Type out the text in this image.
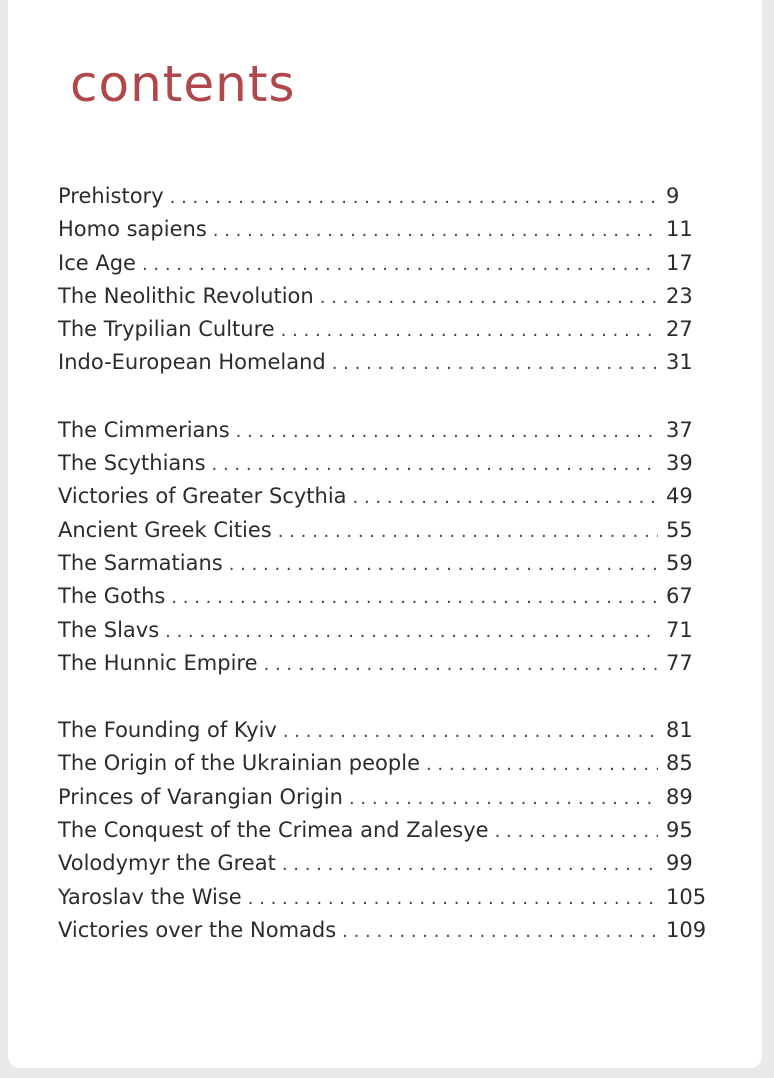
contents
Prehistory . . .	9
Homo sapiens . . .	11
Ice Age . . .	17
The Neolithic Revolution . . .	23
The Trypilian Culture . . .	27
Indo-European Homeland . . .	31
The Cimmerians . . .	37
The Scythians . . .	39
Victories of Greater Scythia . . .	49
Ancient Greek Cities . . .	55
The Sarmatians . . .	59
The Goths . . .	67
The Slavs . . .	71
The Hunnic Empire . . .	77
The Founding of Kyiv . . .	81
The Origin of the Ukrainian people . . .	85
Princes of Varangian Origin . . .	89
The Conquest of the Crimea and Zalesye . . .	95
Volodymyr the Great . . .	99
Yaroslav the Wise . . .	105
Victories over the Nomads . . .	109
